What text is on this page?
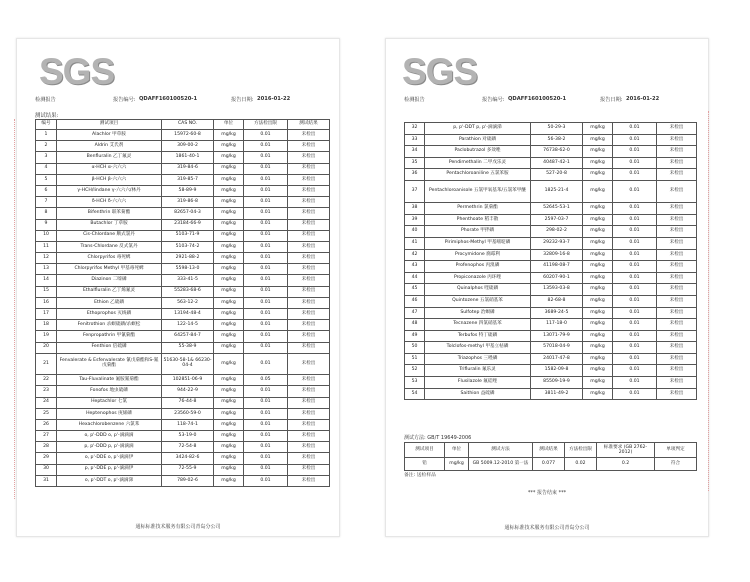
SGS
检测报告	报告编号: QDAFF160100520-1	报告日期: 2016-01-22
测试结果:
编号	测试项目	CAS NO.	单位	方法检出限	测试结果
1	Alachlor 甲草胺	15972-60-8	mg/kg	0.01	未检出
2	Aldrin 艾氏剂	309-00-2	mg/kg	0.01	未检出
3	Benfluralin 乙丁氟灵	1861-40-1	mg/kg	0.01	未检出
4	α-HCH α-六六六	319-84-6	mg/kg	0.01	未检出
5	β-HCH β-六六六	319-85-7	mg/kg	0.01	未检出
6	γ-HCH/lindane γ-六六六/林丹	58-89-9	mg/kg	0.01	未检出
7	δ-HCH δ-六六六	319-86-8	mg/kg	0.01	未检出
8	Bifenthrin 联苯菊酯	82657-04-3	mg/kg	0.01	未检出
9	Butachlor 丁草胺	23184-66-9	mg/kg	0.01	未检出
10	Cis-Chlordane 顺式氯丹	5103-71-9	mg/kg	0.01	未检出
11	Trans-Chlordane 反式氯丹	5103-74-2	mg/kg	0.01	未检出
12	Chlorpyrifos 毒死蜱	2921-88-2	mg/kg	0.01	未检出
13	Chlorpyrifos Methyl 甲基毒死蜱	5598-13-0	mg/kg	0.01	未检出
14	Diazinon 二嗪磷	333-41-5	mg/kg	0.01	未检出
15	Ethalfluralin 乙丁烯氟灵	55283-68-6	mg/kg	0.01	未检出
16	Ethion 乙硫磷	563-12-2	mg/kg	0.01	未检出
17	Ethoprophos 灭线磷	13194-48-4	mg/kg	0.01	未检出
18	Fenitrothion 杀螟硫磷/杀螟松	122-14-5	mg/kg	0.01	未检出
19	Fenpropathrin 甲氰菊酯	64257-84-7	mg/kg	0.01	未检出
20	Fenthion 倍硫磷	55-38-9	mg/kg	0.01	未检出
21	Fenvalerate & Esfenvalerate 氰戊菊酯和S-氰戊菊酯	51630-58-1& 66230-04-4	mg/kg	0.01	未检出
22	Tau-Fluvalinate 氟胺氰菊酯	102851-06-9	mg/kg	0.05	未检出
23	Fonofos 地虫硫磷	944-22-9	mg/kg	0.01	未检出
24	Heptachlor 七氯	76-44-8	mg/kg	0.01	未检出
25	Heptenophos 庚烯磷	23560-59-0	mg/kg	0.01	未检出
26	Hexachlorobenzene 六氯苯	118-74-1	mg/kg	0.01	未检出
27	o, p'-DDD o, p'-滴滴滴	53-19-0	mg/kg	0.01	未检出
28	p, p'-DDD p, p'-滴滴滴	72-54-8	mg/kg	0.01	未检出
29	o, p'-DDE o, p'-滴滴伊	3424-82-6	mg/kg	0.01	未检出
30	p, p'-DDE p, p'-滴滴伊	72-55-9	mg/kg	0.01	未检出
31	o, p'-DDT o, p'-滴滴涕	789-02-6	mg/kg	0.01	未检出
通标标准技术服务有限公司青岛分公司
SGS
检测报告	报告编号: QDAFF160100520-1	报告日期: 2016-01-22
32	p, p'-DDT p, p'-滴滴涕	50-29-3	mg/kg	0.01	未检出
33	Parathion 对硫磷	56-38-2	mg/kg	0.01	未检出
34	Paclobutrazol 多效唑	76738-62-0	mg/kg	0.01	未检出
35	Pendimethalin 二甲戊乐灵	40487-42-1	mg/kg	0.01	未检出
36	Pentachloroaniline 五氯苯胺	527-20-8	mg/kg	0.01	未检出
37	Pentachloroanisole 五氯甲氧基苯/五氯苯甲醚	1825-21-4	mg/kg	0.01	未检出
38	Permethrin 氯菊酯	52645-53-1	mg/kg	0.01	未检出
39	Phenthoate 稻丰散	2597-03-7	mg/kg	0.01	未检出
40	Phorate 甲拌磷	298-02-2	mg/kg	0.01	未检出
41	Pirimiphos-Methyl 甲基嘧啶磷	29232-93-7	mg/kg	0.01	未检出
42	Procymidone 腐霉利	32809-16-8	mg/kg	0.01	未检出
43	Profenophos 丙溴磷	41198-08-7	mg/kg	0.01	未检出
44	Propiconazole 丙环唑	60207-90-1	mg/kg	0.01	未检出
45	Quinalphos 喹硫磷	13593-03-8	mg/kg	0.01	未检出
46	Quintozene 五氯硝基苯	82-68-8	mg/kg	0.01	未检出
47	Sulfotep 治螟磷	3689-24-5	mg/kg	0.01	未检出
48	Tecnazene 四氯硝基苯	117-18-0	mg/kg	0.01	未检出
49	Terbufos 特丁硫磷	13071-79-9	mg/kg	0.01	未检出
50	Tolclofos-methyl 甲基立枯磷	57018-04-9	mg/kg	0.01	未检出
51	Triazophos 三唑磷	24017-47-8	mg/kg	0.01	未检出
52	Trifluralin 氟乐灵	1582-09-8	mg/kg	0.01	未检出
53	Flusilazole 氟硅唑	85509-19-9	mg/kg	0.01	未检出
54	Saithion 益硫磷	3811-49-2	mg/kg	0.01	未检出
测试方法: GB/T 19649-2006
测试项目	单位	测试方法	测试结果	方法检出限	标准要求 (GB 2762-2012)	单项判定
铅	mg/kg	GB 5009.12-2010 第一法	0.077	0.02	0.2	符合
备注: 送检样品
*** 报告结束 ***
通标标准技术服务有限公司青岛分公司
